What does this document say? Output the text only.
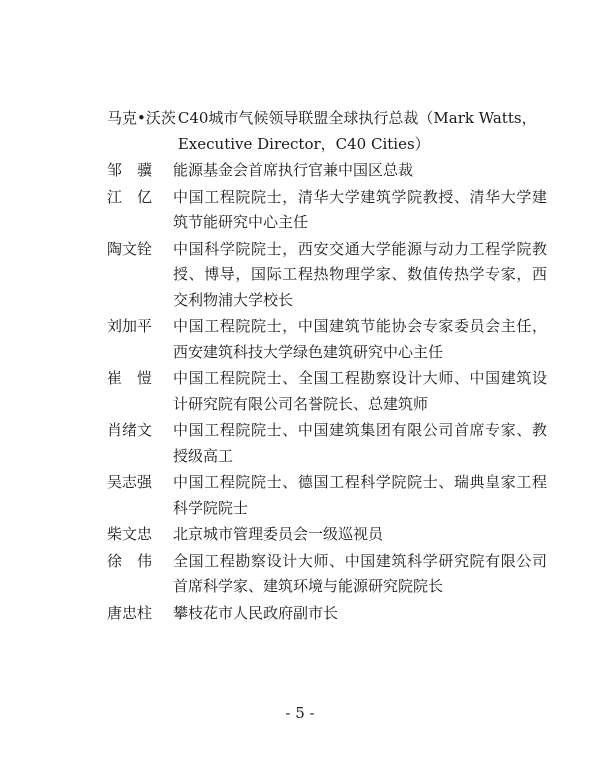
马克•沃茨 C40城市气候领导联盟全球执行总裁（Mark Watts，Executive Director，C40 Cities）
邹　骥	能源基金会首席执行官兼中国区总裁
江　亿	中国工程院院士，清华大学建筑学院教授、清华大学建筑节能研究中心主任
陶文铨	中国科学院院士，西安交通大学能源与动力工程学院教授、博导，国际工程热物理学家、数值传热学专家，西交利物浦大学校长
刘加平	中国工程院院士，中国建筑节能协会专家委员会主任，西安建筑科技大学绿色建筑研究中心主任
崔　愷	中国工程院院士、全国工程勘察设计大师、中国建筑设计研究院有限公司名誉院长、总建筑师
肖绪文	中国工程院院士、中国建筑集团有限公司首席专家、教授级高工
吴志强	中国工程院院士、德国工程科学院院士、瑞典皇家工程科学院院士
柴文忠	北京城市管理委员会一级巡视员
徐　伟	全国工程勘察设计大师、中国建筑科学研究院有限公司首席科学家、建筑环境与能源研究院院长
唐忠柱	攀枝花市人民政府副市长
- 5 -
